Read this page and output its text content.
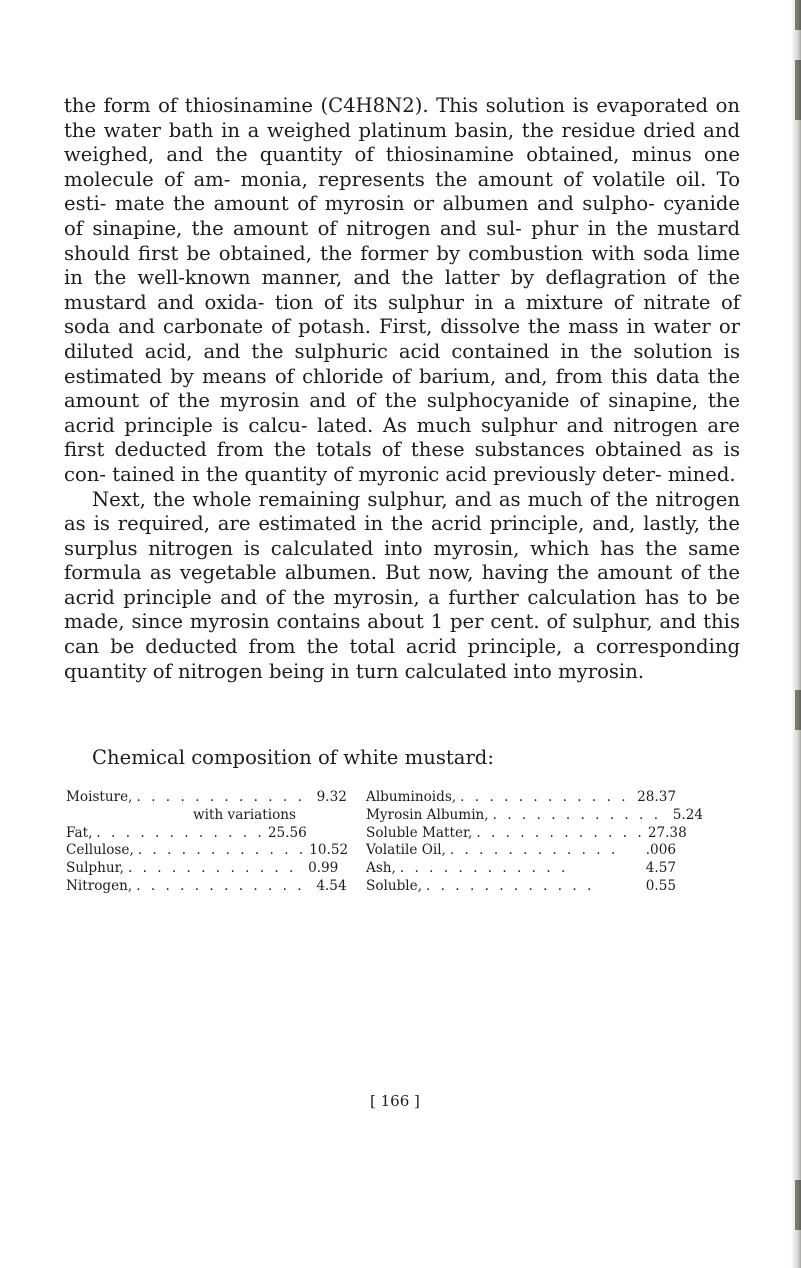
the form of thiosinamine (C4H8N2). This solution is evaporated on the water bath in a weighed platinum basin, the residue dried and weighed, and the quantity of thiosinamine obtained, minus one molecule of am- monia, represents the amount of volatile oil. To esti- mate the amount of myrosin or albumen and sulpho- cyanide of sinapine, the amount of nitrogen and sul- phur in the mustard should first be obtained, the former by combustion with soda lime in the well-known manner, and the latter by deflagration of the mustard and oxida- tion of its sulphur in a mixture of nitrate of soda and carbonate of potash. First, dissolve the mass in water or diluted acid, and the sulphuric acid contained in the solution is estimated by means of chloride of barium, and, from this data the amount of the myrosin and of the sulphocyanide of sinapine, the acrid principle is calcu- lated. As much sulphur and nitrogen are first deducted from the totals of these substances obtained as is con- tained in the quantity of myronic acid previously deter- mined.

Next, the whole remaining sulphur, and as much of the nitrogen as is required, are estimated in the acrid principle, and, lastly, the surplus nitrogen is calculated into myrosin, which has the same formula as vegetable albumen. But now, having the amount of the acrid principle and of the myrosin, a further calculation has to be made, since myrosin contains about 1 per cent. of sulphur, and this can be deducted from the total acrid principle, a corresponding quantity of nitrogen being in turn calculated into myrosin.

Chemical composition of white mustard:
Moisture, . . . . . . . . . . . . 9.32
with variations
Fat, . . . . . . . . . . . . 25.56
Cellulose, . . . . . . . . . . . . 10.52
Sulphur, . . . . . . . . . . . . 0.99
Nitrogen, . . . . . . . . . . . . 4.54
Albuminoids, . . . . . . . . . . . . 28.37
Myrosin Albumin, . . . . . . . . . . . . 5.24
Soluble Matter, . . . . . . . . . . . . 27.38
Volatile Oil, . . . . . . . . . . . .	.006
Ash, . . . . . . . . . . . .	4.57
Soluble, . . . . . . . . . . . .	0.55
[ 166 ]
